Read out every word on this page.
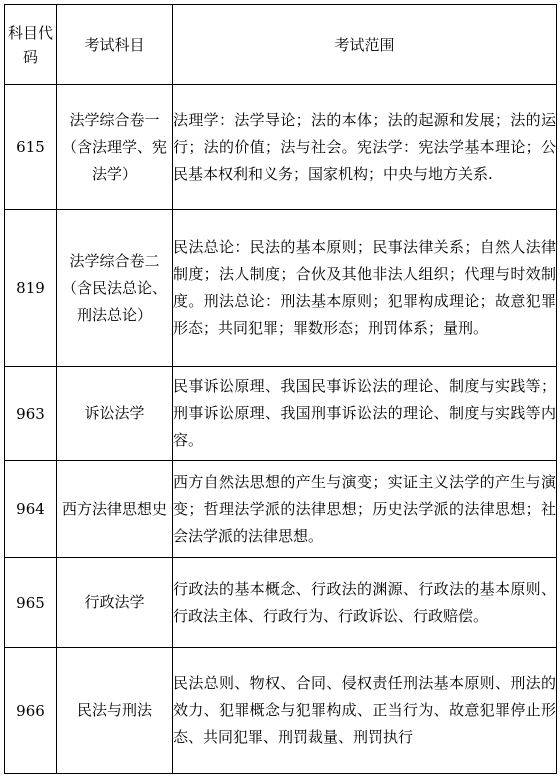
科目代码	考试科目	考试范围
615	法学综合卷一（含法理学、宪法学）	法理学：法学导论；法的本体；法的起源和发展；法的运行；法的价值；法与社会。宪法学：宪法学基本理论；公民基本权利和义务；国家机构；中央与地方关系.
819	法学综合卷二（含民法总论、刑法总论）	民法总论：民法的基本原则；民事法律关系；自然人法律制度；法人制度；合伙及其他非法人组织；代理与时效制度。刑法总论：刑法基本原则；犯罪构成理论；故意犯罪形态；共同犯罪；罪数形态；刑罚体系；量刑。
963	诉讼法学	民事诉讼原理、我国民事诉讼法的理论、制度与实践等；刑事诉讼原理、我国刑事诉讼法的理论、制度与实践等内容。
964	西方法律思想史	西方自然法思想的产生与演变；实证主义法学的产生与演变；哲理法学派的法律思想；历史法学派的法律思想；社会法学派的法律思想。
965	行政法学	行政法的基本概念、行政法的渊源、行政法的基本原则、行政法主体、行政行为、行政诉讼、行政赔偿。
966	民法与刑法	民法总则、物权、合同、侵权责任刑法基本原则、刑法的效力、犯罪概念与犯罪构成、正当行为、故意犯罪停止形态、共同犯罪、刑罚裁量、刑罚执行
